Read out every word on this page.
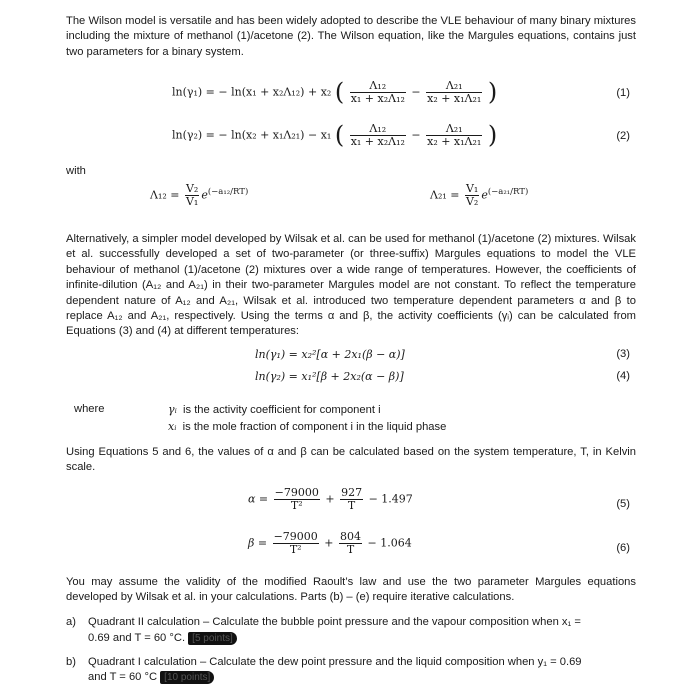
The Wilson model is versatile and has been widely adopted to describe the VLE behaviour of many binary mixtures including the mixture of methanol (1)/acetone (2). The Wilson equation, like the Margules equations, contains just two parameters for a binary system.

ln(γ₁) = − ln(x₁ + x₂Λ₁₂) + x₂ ( $\frac{\text{Λ₁₂}}{\text{x₁ + x₂Λ₁₂}} - \frac{\text{Λ₂₁}}{\text{x₂ + x₁Λ₂₁}}$ )	(1)
ln(γ₂) = − ln(x₂ + x₁Λ₂₁) − x₁ ( $\frac{\text{Λ₁₂}}{\text{x₁ + x₂Λ₁₂}} - \frac{\text{Λ₂₁}}{\text{x₂ + x₁Λ₂₁}}$ )	(2)
with
$\Lambda_{12} = \frac{\text{V₂}}{\text{V₁}} e^{(-a_{12}/RT)}$	$\Lambda_{21} = \frac{\text{V₁}}{\text{V₂}} e^{(-a_{21}/RT)}$

Alternatively, a simpler model developed by Wilsak et al. can be used for methanol (1)/acetone (2) mixtures. Wilsak et al. successfully developed a set of two-parameter (or three-suffix) Margules equations to model the VLE behaviour of methanol (1)/acetone (2) mixtures over a wide range of temperatures. However, the coefficients of infinite-dilution (A₁₂ and A₂₁) in their two-parameter Margules model are not constant. To reflect the temperature dependent nature of A₁₂ and A₂₁, Wilsak et al. introduced two temperature dependent parameters α and β to replace A₁₂ and A₂₁, respectively. Using the terms α and β, the activity coefficients (γᵢ) can be calculated from Equations (3) and (4) at different temperatures:

ln(γ₁) = x₂²[α + 2x₁(β − α)]	(3)
ln(γ₂) = x₁²[β + 2x₂(α − β)]	(4)
where	γᵢ is the activity coefficient for component i
xᵢ is the mole fraction of component i in the liquid phase

Using Equations 5 and 6, the values of α and β can be calculated based on the system temperature, T, in Kelvin scale.

$\alpha = \frac{-79000}{\text{T²}} + \frac{927}{T} - 1.497$	(5)
$\beta = \frac{-79000}{\text{T²}} + \frac{804}{T} - 1.064$	(6)

You may assume the validity of the modified Raoult’s law and use the two parameter Margules equations developed by Wilsak et al. in your calculations. Parts (b) – (e) require iterative calculations.

a) Quadrant II calculation – Calculate the bubble point pressure and the vapour composition when x₁ =
0.69 and T = 60 °C. [5 points]
b) Quadrant I calculation – Calculate the dew point pressure and the liquid composition when y₁ = 0.69
and T = 60 °C [10 points]
